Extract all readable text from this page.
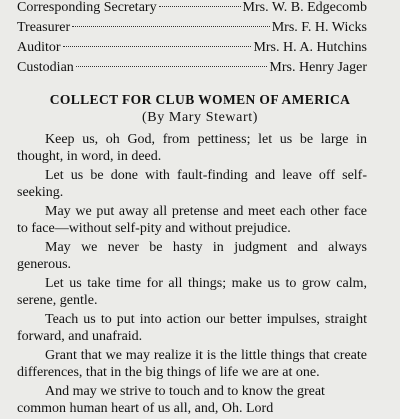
Corresponding Secretary	Mrs. W. B. Edgecomb
Treasurer	Mrs. F. H. Wicks
Auditor	Mrs. H. A. Hutchins
Custodian	Mrs. Henry Jager
COLLECT FOR CLUB WOMEN OF AMERICA
(By Mary Stewart)

Keep us, oh God, from pettiness; let us be large in thought, in word, in deed.

Let us be done with fault-finding and leave off self-seeking.

May we put away all pretense and meet each other face to face—without self-pity and without prejudice.

May we never be hasty in judgment and always generous.

Let us take time for all things; make us to grow calm, serene, gentle.

Teach us to put into action our better impulses, straight forward, and unafraid.

Grant that we may realize it is the little things that create differences, that in the big things of life we are at one.

And may we strive to touch and to know the great common human heart of us all, and, Oh. Lord
